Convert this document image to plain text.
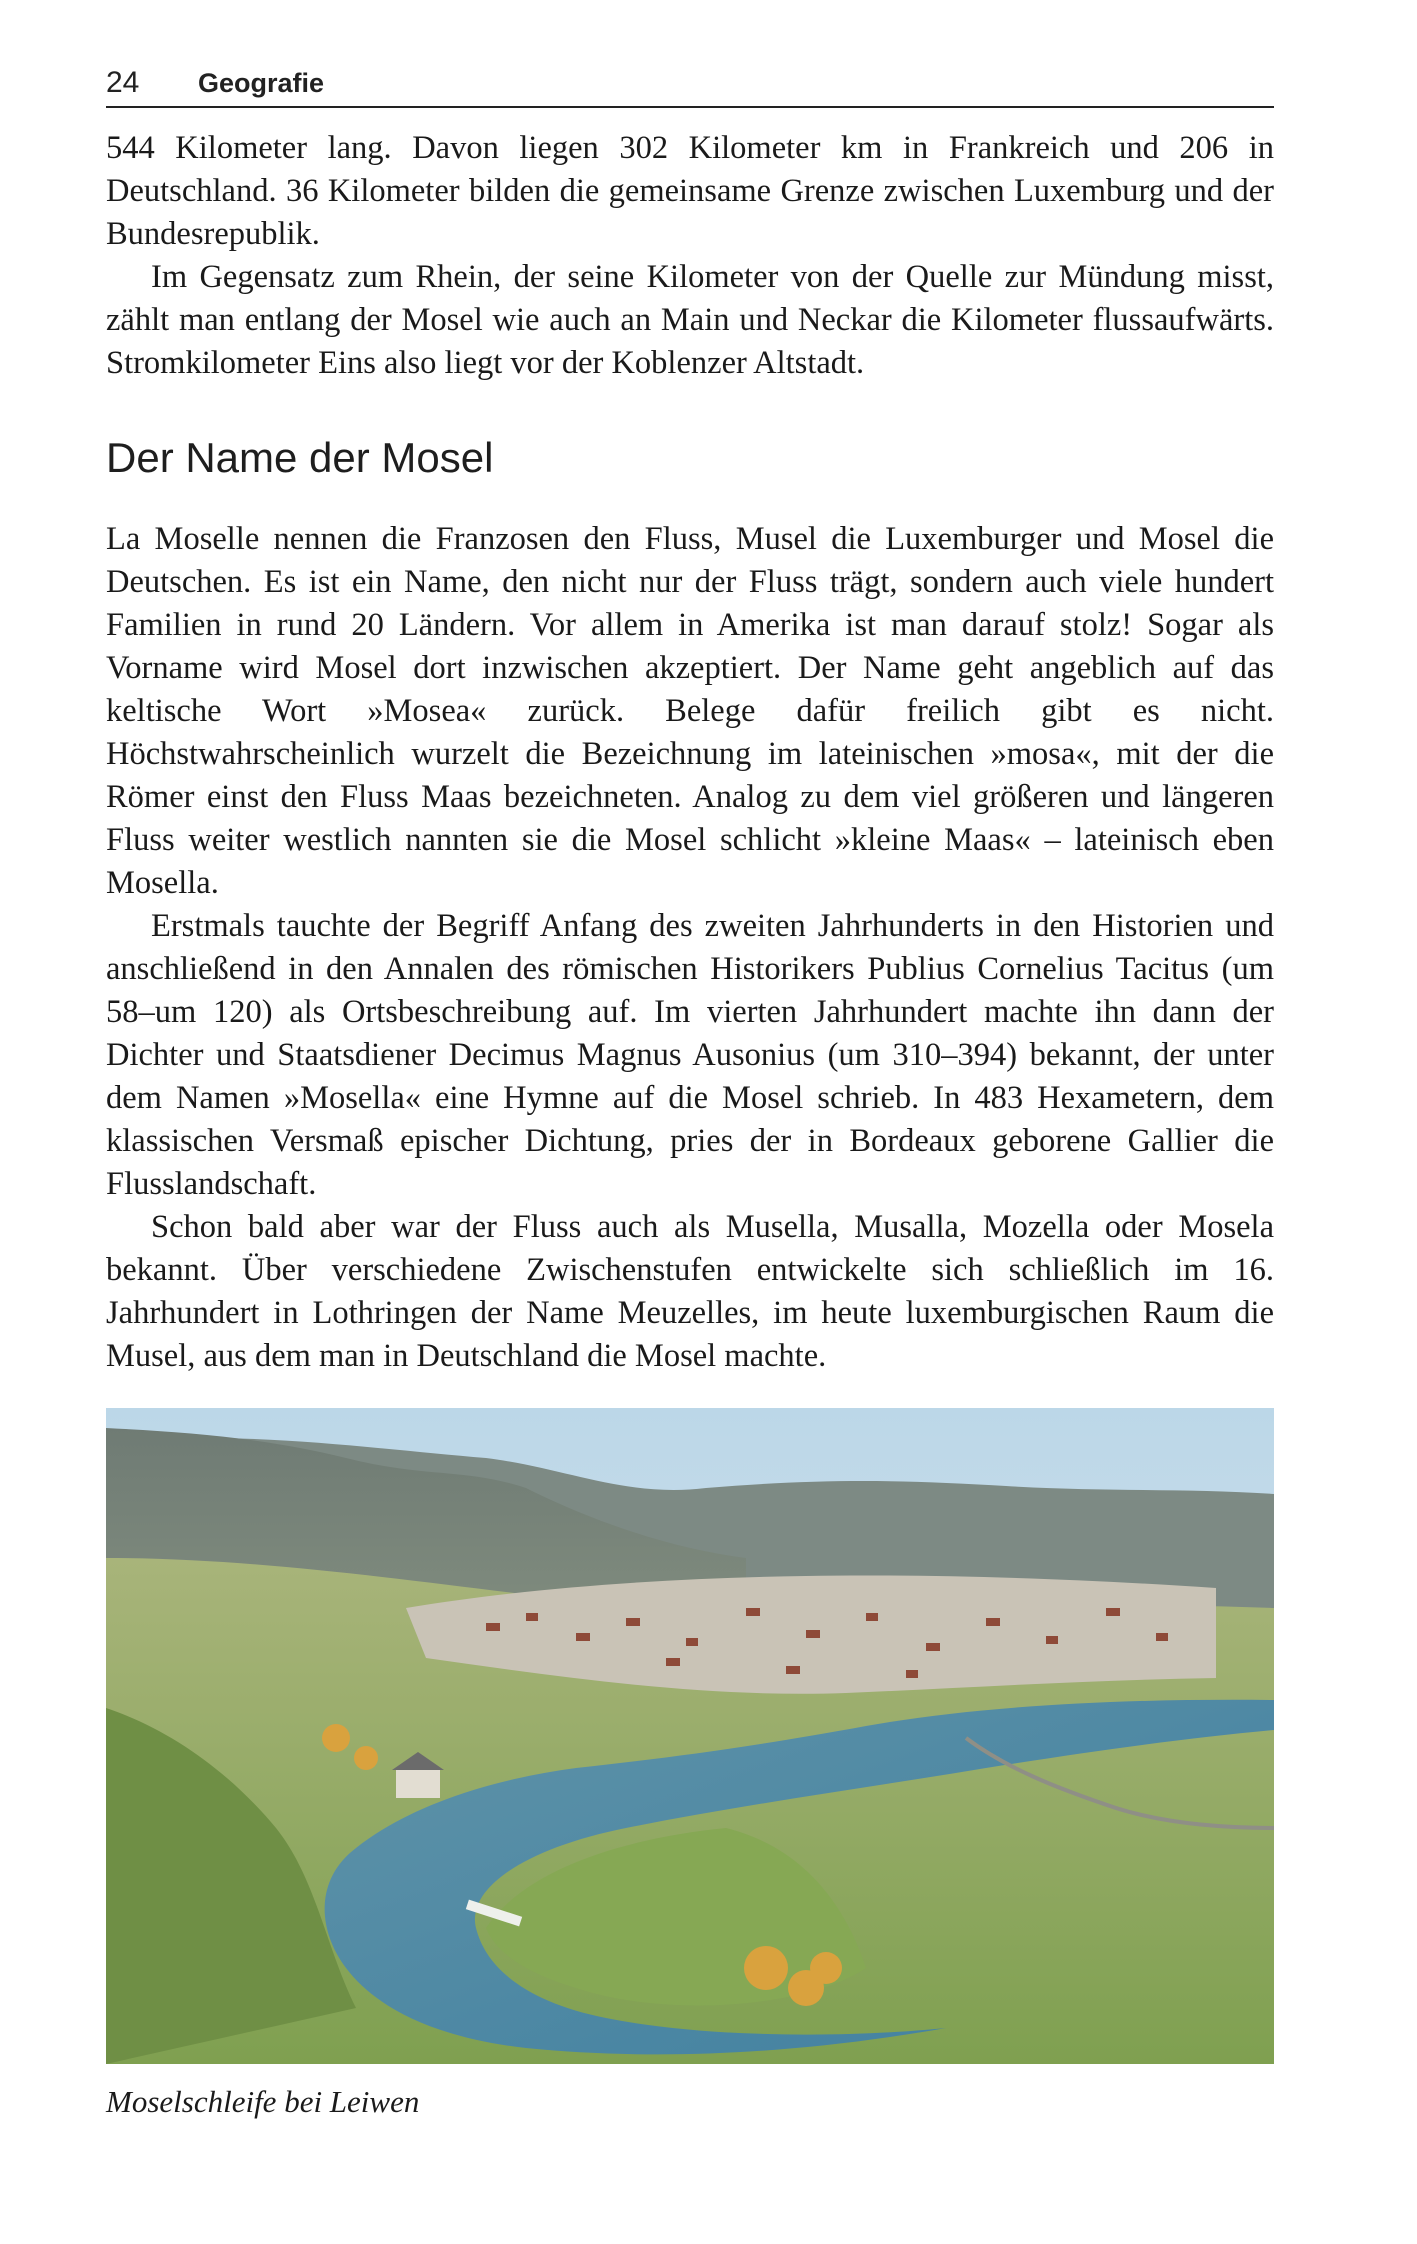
24 Geografie

544 Kilometer lang. Davon liegen 302 Kilometer km in Frankreich und 206 in Deutschland. 36 Kilometer bilden die gemeinsame Grenze zwischen Luxemburg und der Bundesrepublik.

Im Gegensatz zum Rhein, der seine Kilometer von der Quelle zur Mündung misst, zählt man entlang der Mosel wie auch an Main und Neckar die Kilometer flussaufwärts. Stromkilometer Eins also liegt vor der Koblenzer Altstadt.

Der Name der Mosel

La Moselle nennen die Franzosen den Fluss, Musel die Luxemburger und Mosel die Deutschen. Es ist ein Name, den nicht nur der Fluss trägt, sondern auch viele hundert Familien in rund 20 Ländern. Vor allem in Amerika ist man darauf stolz! Sogar als Vorname wird Mosel dort inzwischen akzeptiert. Der Name geht angeblich auf das keltische Wort »Mosea« zurück. Belege dafür freilich gibt es nicht. Höchstwahrscheinlich wurzelt die Bezeichnung im lateinischen »mosa«, mit der die Römer einst den Fluss Maas bezeichneten. Analog zu dem viel größeren und längeren Fluss weiter westlich nannten sie die Mosel schlicht »kleine Maas« – lateinisch eben Mosella.

Erstmals tauchte der Begriff Anfang des zweiten Jahrhunderts in den Historien und anschließend in den Annalen des römischen Historikers Publius Cornelius Tacitus (um 58–um 120) als Ortsbeschreibung auf. Im vierten Jahrhundert machte ihn dann der Dichter und Staatsdiener Decimus Magnus Ausonius (um 310–394) bekannt, der unter dem Namen »Mosella« eine Hymne auf die Mosel schrieb. In 483 Hexametern, dem klassischen Versmaß epischer Dichtung, pries der in Bordeaux geborene Gallier die Flusslandschaft.

Schon bald aber war der Fluss auch als Musella, Musalla, Mozella oder Mosela bekannt. Über verschiedene Zwischenstufen entwickelte sich schließlich im 16. Jahrhundert in Lothringen der Name Meuzelles, im heute luxemburgischen Raum die Musel, aus dem man in Deutschland die Mosel machte.

Moselschleife bei Leiwen
